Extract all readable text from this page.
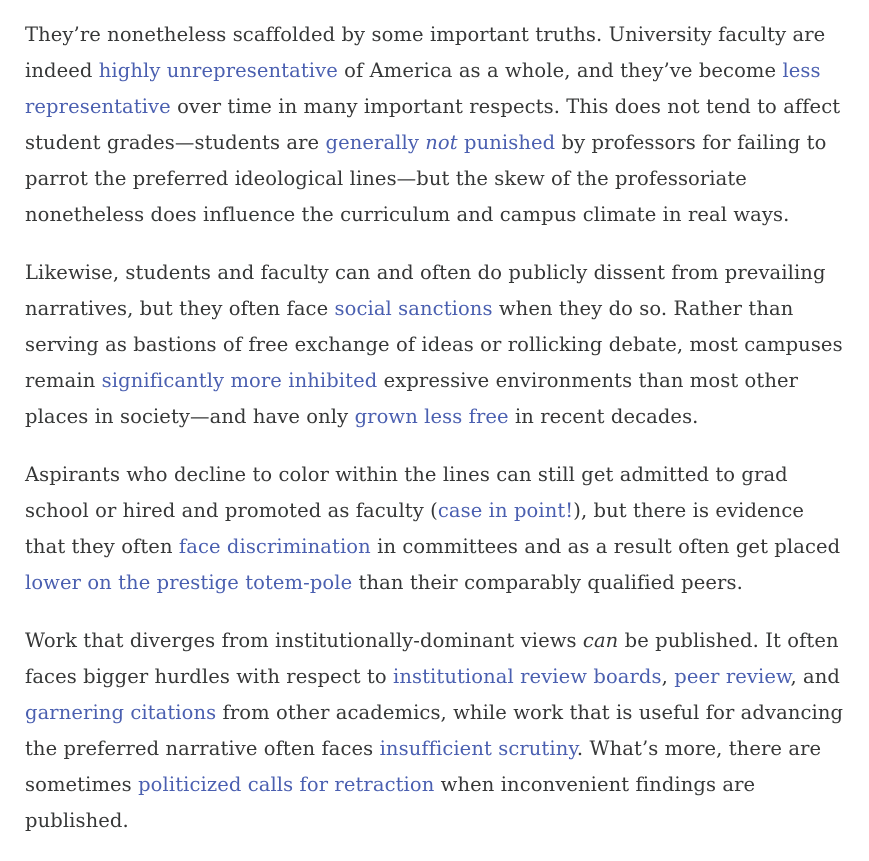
They’re nonetheless scaffolded by some important truths. University faculty are indeed highly unrepresentative of America as a whole, and they’ve become less representative over time in many important respects. This does not tend to affect student grades—students are generally not punished by professors for failing to parrot the preferred ideological lines—but the skew of the professoriate nonetheless does influence the curriculum and campus climate in real ways.

Likewise, students and faculty can and often do publicly dissent from prevailing narratives, but they often face social sanctions when they do so. Rather than serving as bastions of free exchange of ideas or rollicking debate, most campuses remain significantly more inhibited expressive environments than most other places in society—and have only grown less free in recent decades.

Aspirants who decline to color within the lines can still get admitted to grad school or hired and promoted as faculty (case in point!), but there is evidence that they often face discrimination in committees and as a result often get placed lower on the prestige totem-pole than their comparably qualified peers.

Work that diverges from institutionally-dominant views can be published. It often faces bigger hurdles with respect to institutional review boards, peer review, and garnering citations from other academics, while work that is useful for advancing the preferred narrative often faces insufficient scrutiny. What’s more, there are sometimes politicized calls for retraction when inconvenient findings are published.
